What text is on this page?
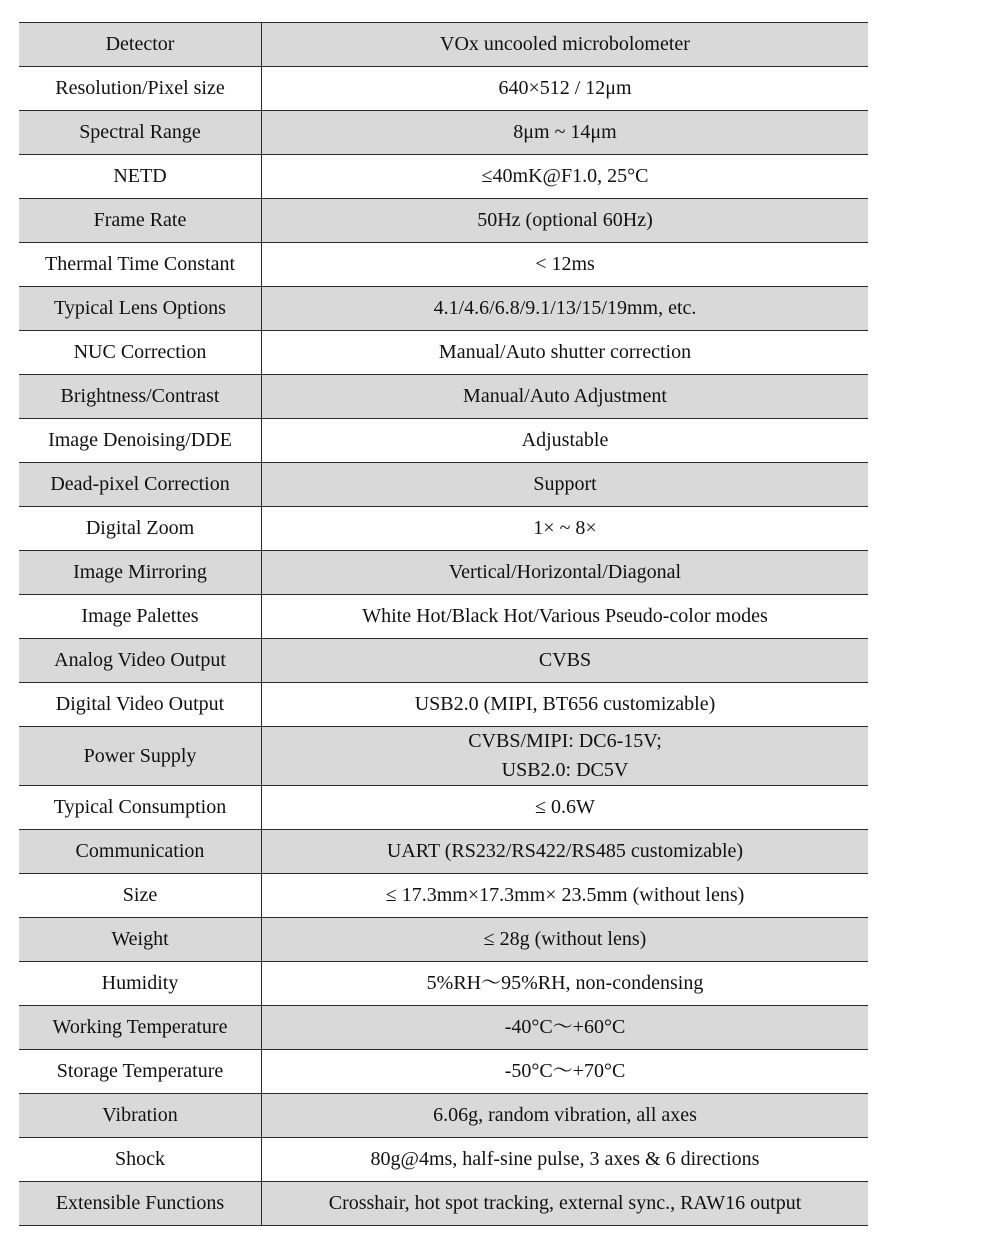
Detector	VOx uncooled microbolometer
Resolution/Pixel size	640×512 / 12μm
Spectral Range	8μm ~ 14μm
NETD	≤40mK@F1.0, 25°C
Frame Rate	50Hz (optional 60Hz)
Thermal Time Constant	< 12ms
Typical Lens Options	4.1/4.6/6.8/9.1/13/15/19mm, etc.
NUC Correction	Manual/Auto shutter correction
Brightness/Contrast	Manual/Auto Adjustment
Image Denoising/DDE	Adjustable
Dead-pixel Correction	Support
Digital Zoom	1× ~ 8×
Image Mirroring	Vertical/Horizontal/Diagonal
Image Palettes	White Hot/Black Hot/Various Pseudo-color modes
Analog Video Output	CVBS
Digital Video Output	USB2.0 (MIPI, BT656 customizable)
Power Supply	CVBS/MIPI: DC6-15V;
USB2.0: DC5V

Typical Consumption	≤ 0.6W
Communication	UART (RS232/RS422/RS485 customizable)
Size	≤ 17.3mm×17.3mm× 23.5mm (without lens)
Weight	≤ 28g (without lens)
Humidity	5%RH～95%RH, non-condensing
Working Temperature	-40°C～+60°C
Storage Temperature	-50°C～+70°C
Vibration	6.06g, random vibration, all axes
Shock	80g@4ms, half-sine pulse, 3 axes & 6 directions
Extensible Functions	Crosshair, hot spot tracking, external sync., RAW16 output
